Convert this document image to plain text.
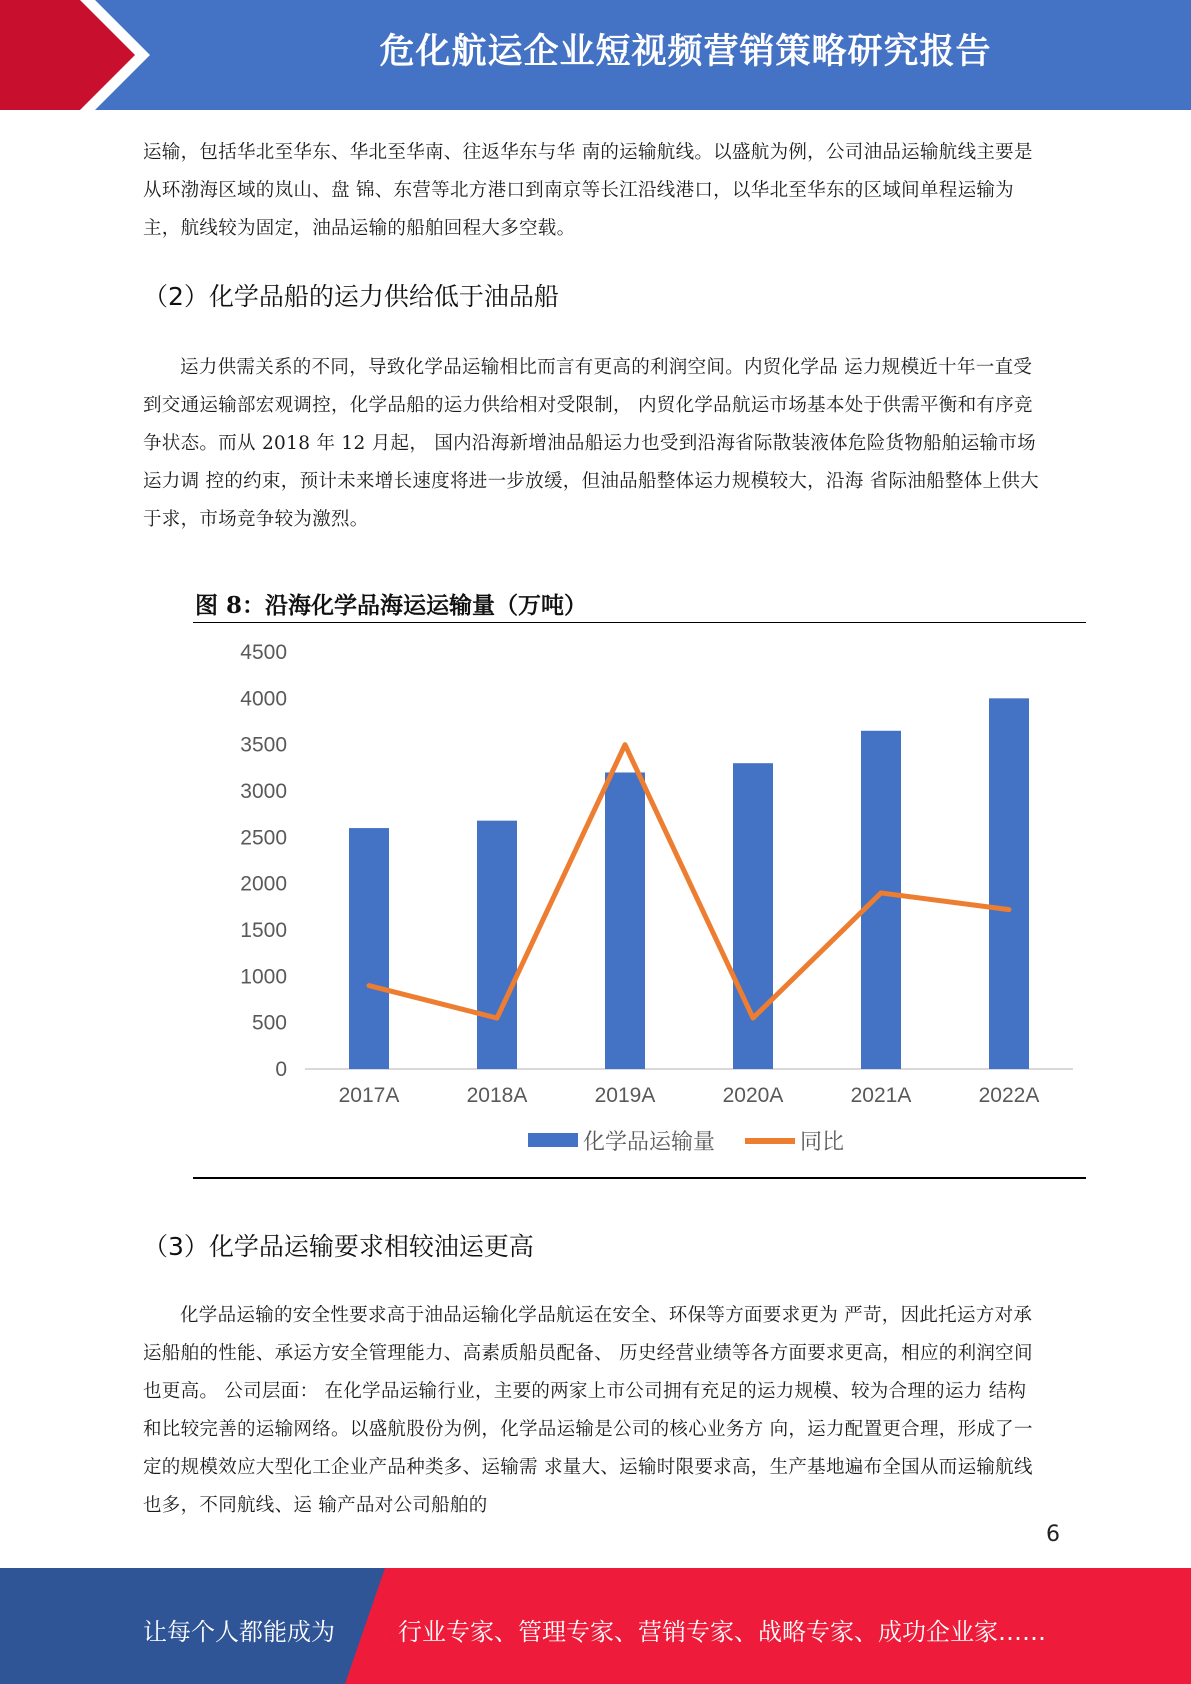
危化航运企业短视频营销策略研究报告

运输，包括华北至华东、华北至华南、往返华东与华 南的运输航线。以盛航为例，公司油品运输航线主要是从环渤海区域的岚山、盘 锦、东营等北方港口到南京等长江沿线港口，以华北至华东的区域间单程运输为 主，航线较为固定，油品运输的船舶回程大多空载。

（2）化学品船的运力供给低于油品船

运力供需关系的不同，导致化学品运输相比而言有更高的利润空间。内贸化学品 运力规模近十年一直受到交通运输部宏观调控，化学品船的运力供给相对受限制， 内贸化学品航运市场基本处于供需平衡和有序竞争状态。而从 2018 年 12 月起， 国内沿海新增油品船运力也受到沿海省际散装液体危险货物船舶运输市场运力调 控的约束，预计未来增长速度将进一步放缓，但油品船整体运力规模较大，沿海 省际油船整体上供大于求，市场竞争较为激烈。

图 8：沿海化学品海运运输量（万吨）
0
500
1000
1500
2000
2500
3000
3500
4000
4500
2017A	2018A	2019A	2020A	2021A	2022A
化学品运输量	同比
（3）化学品运输要求相较油运更高

化学品运输的安全性要求高于油品运输化学品航运在安全、环保等方面要求更为 严苛，因此托运方对承运船舶的性能、承运方安全管理能力、高素质船员配备、 历史经营业绩等各方面要求更高，相应的利润空间也更高。 公司层面： 在化学品运输行业，主要的两家上市公司拥有充足的运力规模、较为合理的运力 结构和比较完善的运输网络。以盛航股份为例，化学品运输是公司的核心业务方 向，运力配置更合理，形成了一定的规模效应大型化工企业产品种类多、运输需 求量大、运输时限要求高，生产基地遍布全国从而运输航线也多，不同航线、运 输产品对公司船舶的

6
让每个人都能成为	行业专家、管理专家、营销专家、战略专家、成功企业家……
